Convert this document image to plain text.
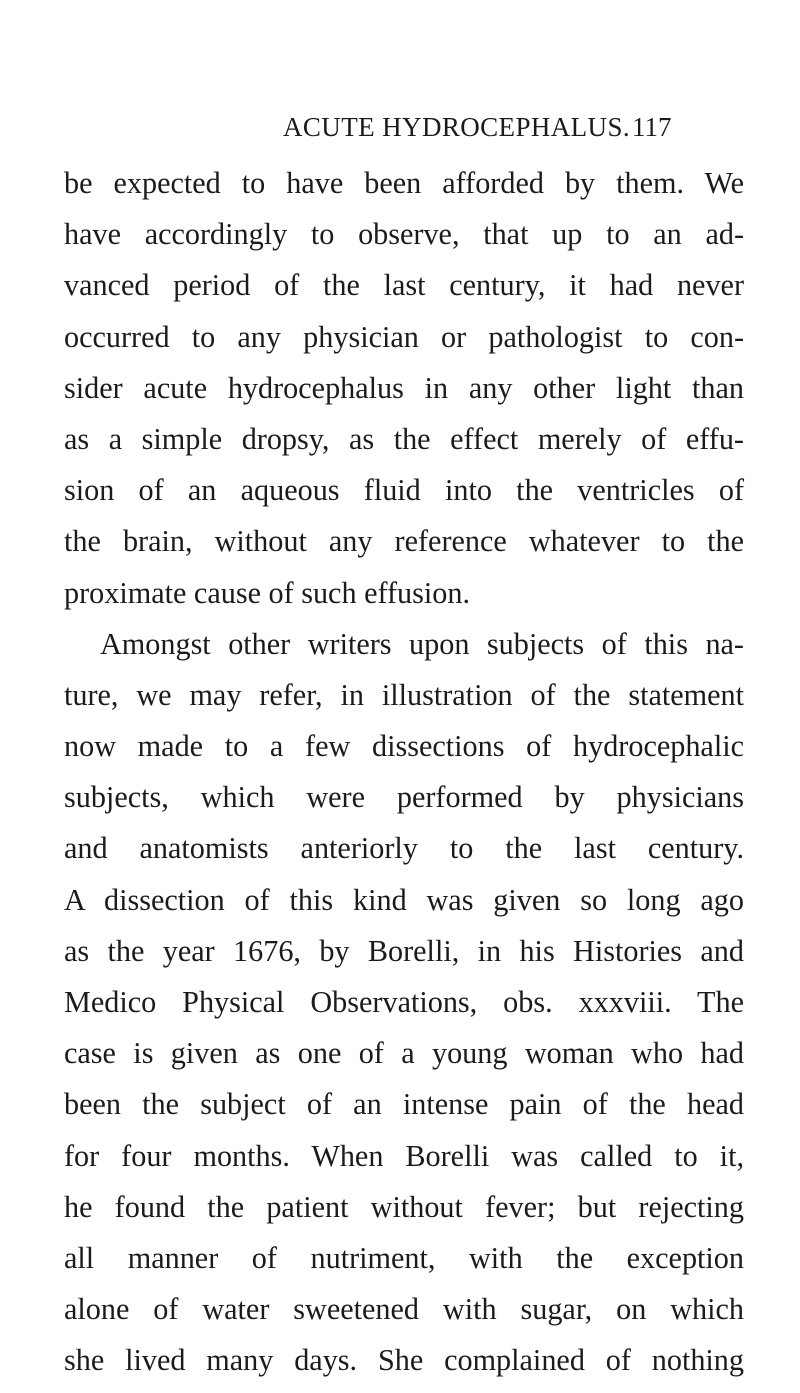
ACUTE HYDROCEPHALUS. 117
be expected to have been afforded by them. We
have accordingly to observe, that up to an ad-
vanced period of the last century, it had never
occurred to any physician or pathologist to con-
sider acute hydrocephalus in any other light than
as a simple dropsy, as the effect merely of effu-
sion of an aqueous fluid into the ventricles of
the brain, without any reference whatever to the
proximate cause of such effusion.
Amongst other writers upon subjects of this na-
ture, we may refer, in illustration of the statement
now made to a few dissections of hydrocephalic
subjects, which were performed by physicians
and anatomists anteriorly to the last century.
A dissection of this kind was given so long ago
as the year 1676, by Borelli, in his Histories and
Medico Physical Observations, obs. xxxviii. The
case is given as one of a young woman who had
been the subject of an intense pain of the head
for four months. When Borelli was called to it,
he found the patient without fever; but rejecting
all manner of nutriment, with the exception
alone of water sweetened with sugar, on which
she lived many days. She complained of nothing
